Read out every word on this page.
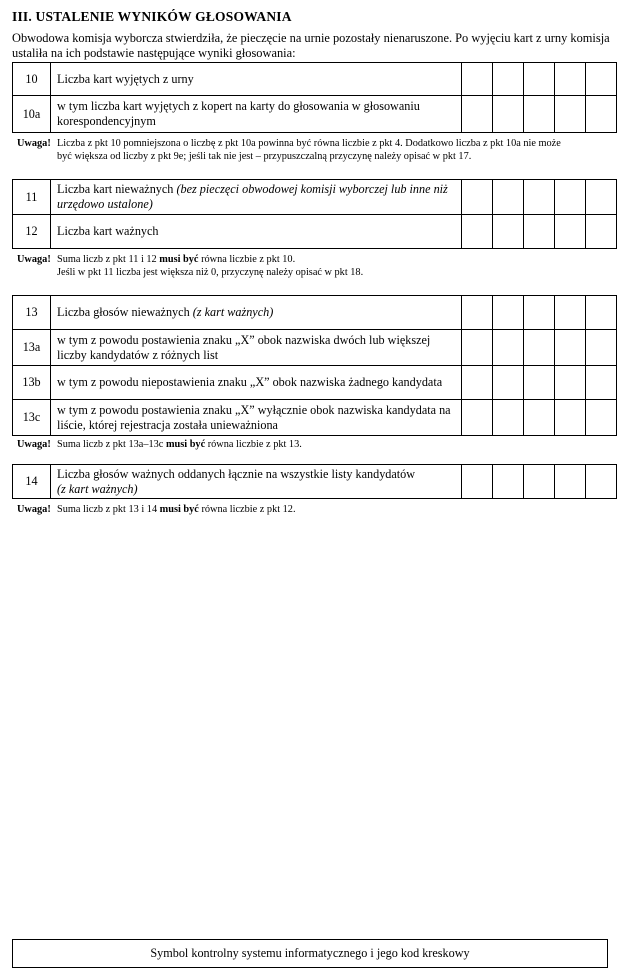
III. USTALENIE WYNIKÓW GŁOSOWANIA
Obwodowa komisja wyborcza stwierdziła, że pieczęcie na urnie pozostały nienaruszone. Po wyjęciu kart z urny komisja ustaliła na ich podstawie następujące wyniki głosowania:
10	Liczba kart wyjętych z urny					
10a	w tym liczba kart wyjętych z kopert na karty do głosowania w głosowaniu korespondencyjnym					
Uwaga! Liczba z pkt 10 pomniejszona o liczbę z pkt 10a powinna być równa liczbie z pkt 4. Dodatkowo liczba z pkt 10a nie może
być większa od liczby z pkt 9e; jeśli tak nie jest – przypuszczalną przyczynę należy opisać w pkt 17.
11	Liczba kart nieważnych (bez pieczęci obwodowej komisji wyborczej lub inne niż urzędowo ustalone)					
12	Liczba kart ważnych					
Uwaga! Suma liczb z pkt 11 i 12 musi być równa liczbie z pkt 10.
Jeśli w pkt 11 liczba jest większa niż 0, przyczynę należy opisać w pkt 18.
13	Liczba głosów nieważnych (z kart ważnych)					
13a	w tym z powodu postawienia znaku „X” obok nazwiska dwóch lub większej liczby kandydatów z różnych list					
13b	w tym z powodu niepostawienia znaku „X” obok nazwiska żadnego kandydata					
13c	w tym z powodu postawienia znaku „X” wyłącznie obok nazwiska kandydata na liście, której rejestracja została unieważniona					
Uwaga! Suma liczb z pkt 13a–13c musi być równa liczbie z pkt 13.
14	Liczba głosów ważnych oddanych łącznie na wszystkie listy kandydatów
(z kart ważnych)					
Uwaga! Suma liczb z pkt 13 i 14 musi być równa liczbie z pkt 12.
Symbol kontrolny systemu informatycznego i jego kod kreskowy
